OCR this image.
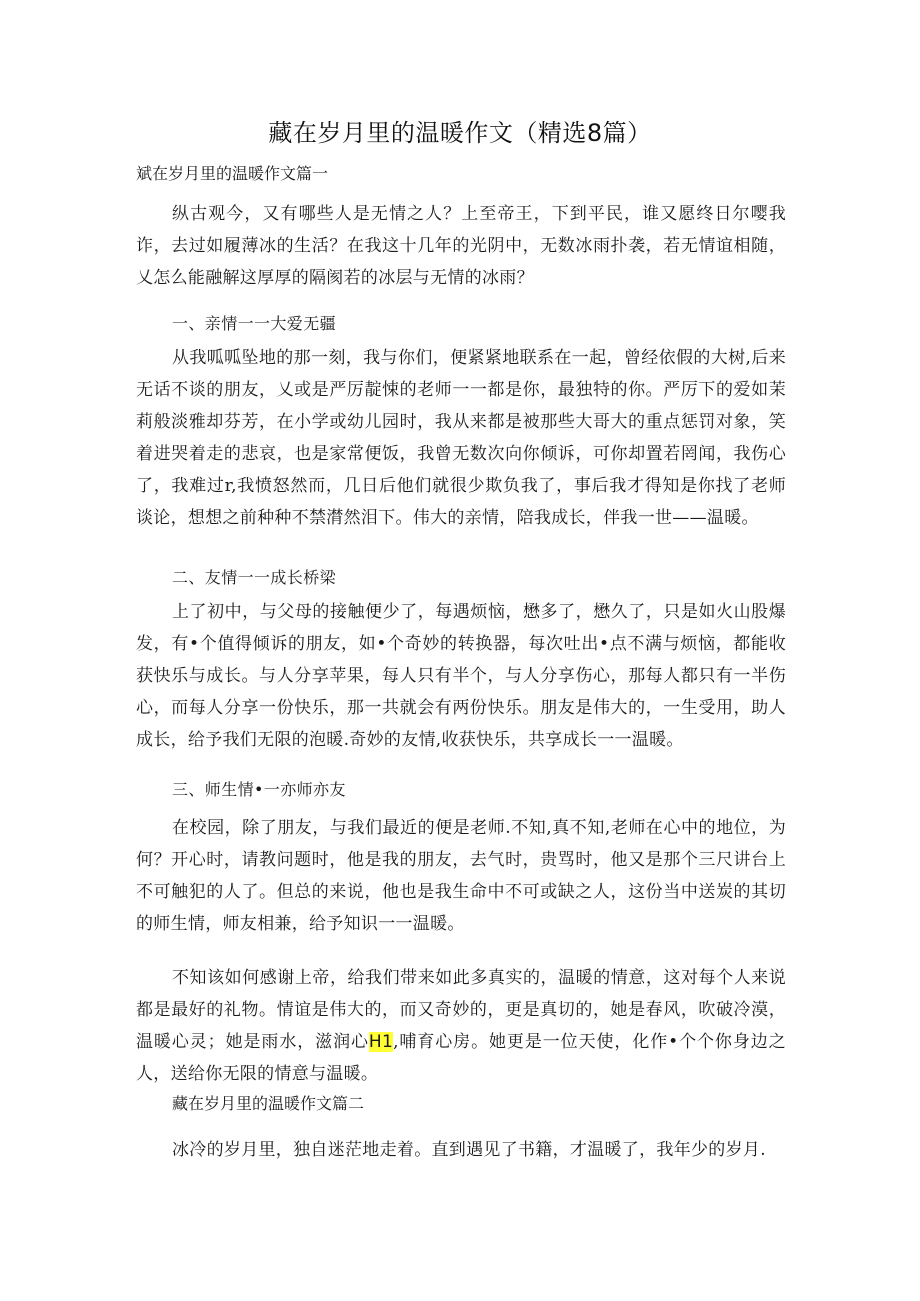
藏在岁月里的温暖作文（精选8篇）

斌在岁月里的温暖作文篇一

纵古观今，又有哪些人是无情之人？上至帝王，下到平民，谁又愿终日尔嘤我诈，去过如履薄冰的生活？在我这十几年的光阴中，无数冰雨扑袭，若无情谊相随，乂怎么能融解这厚厚的隔阂若的冰层与无情的冰雨？

一、亲情一一大爱无疆

从我呱呱坠地的那一刻，我与你们，便紧紧地联系在一起，曾经依假的大树,后来无话不谈的朋友，乂或是严厉靛悚的老师一一都是你，最独特的你。严厉下的爱如茉莉般淡雅却芬芳，在小学或幼儿园时，我从来都是被那些大哥大的重点惩罚对象，笑着进哭着走的悲哀，也是家常便饭，我曾无数次向你倾诉，可你却置若罔闻，我伤心了，我难过r,我愤怒然而，几日后他们就很少欺负我了，事后我才得知是你找了老师谈论，想想之前种种不禁潸然泪下。伟大的亲情，陪我成长，伴我一世——温暖。

二、友情一一成长桥梁

上了初中，与父母的接触便少了，每遇烦恼，懋多了，懋久了，只是如火山股爆发，有•个值得倾诉的朋友，如•个奇妙的转换器，每次吐出•点不满与烦恼，都能收获快乐与成长。与人分享苹果，每人只有半个，与人分享伤心，那每人都只有一半伤心，而每人分享一份快乐，那一共就会有两份快乐。朋友是伟大的，一生受用，助人成长，给予我们无限的泡暖.奇妙的友情,收获快乐，共享成长一一温暖。

三、师生情•一亦师亦友

在校园，除了朋友，与我们最近的便是老师.不知,真不知,老师在心中的地位，为何？开心时，请教问题时，他是我的朋友，去气时，贵骂时，他又是那个三尺讲台上不可触犯的人了。但总的来说，他也是我生命中不可或缺之人，这份当中送炭的其切的师生情，师友相兼，给予知识一一温暖。

不知该如何感谢上帝，给我们带来如此多真实的，温暖的情意，这对每个人来说都是最好的礼物。情谊是伟大的，而又奇妙的，更是真切的，她是春风，吹破冷漠，温暖心灵；她是雨水，滋润心H1,哺育心房。她更是一位天使，化作•个个你身边之人，送给你无限的情意与温暖。

藏在岁月里的温暖作文篇二

冰冷的岁月里，独自迷茫地走着。直到遇见了书籍，才温暖了，我年少的岁月.
